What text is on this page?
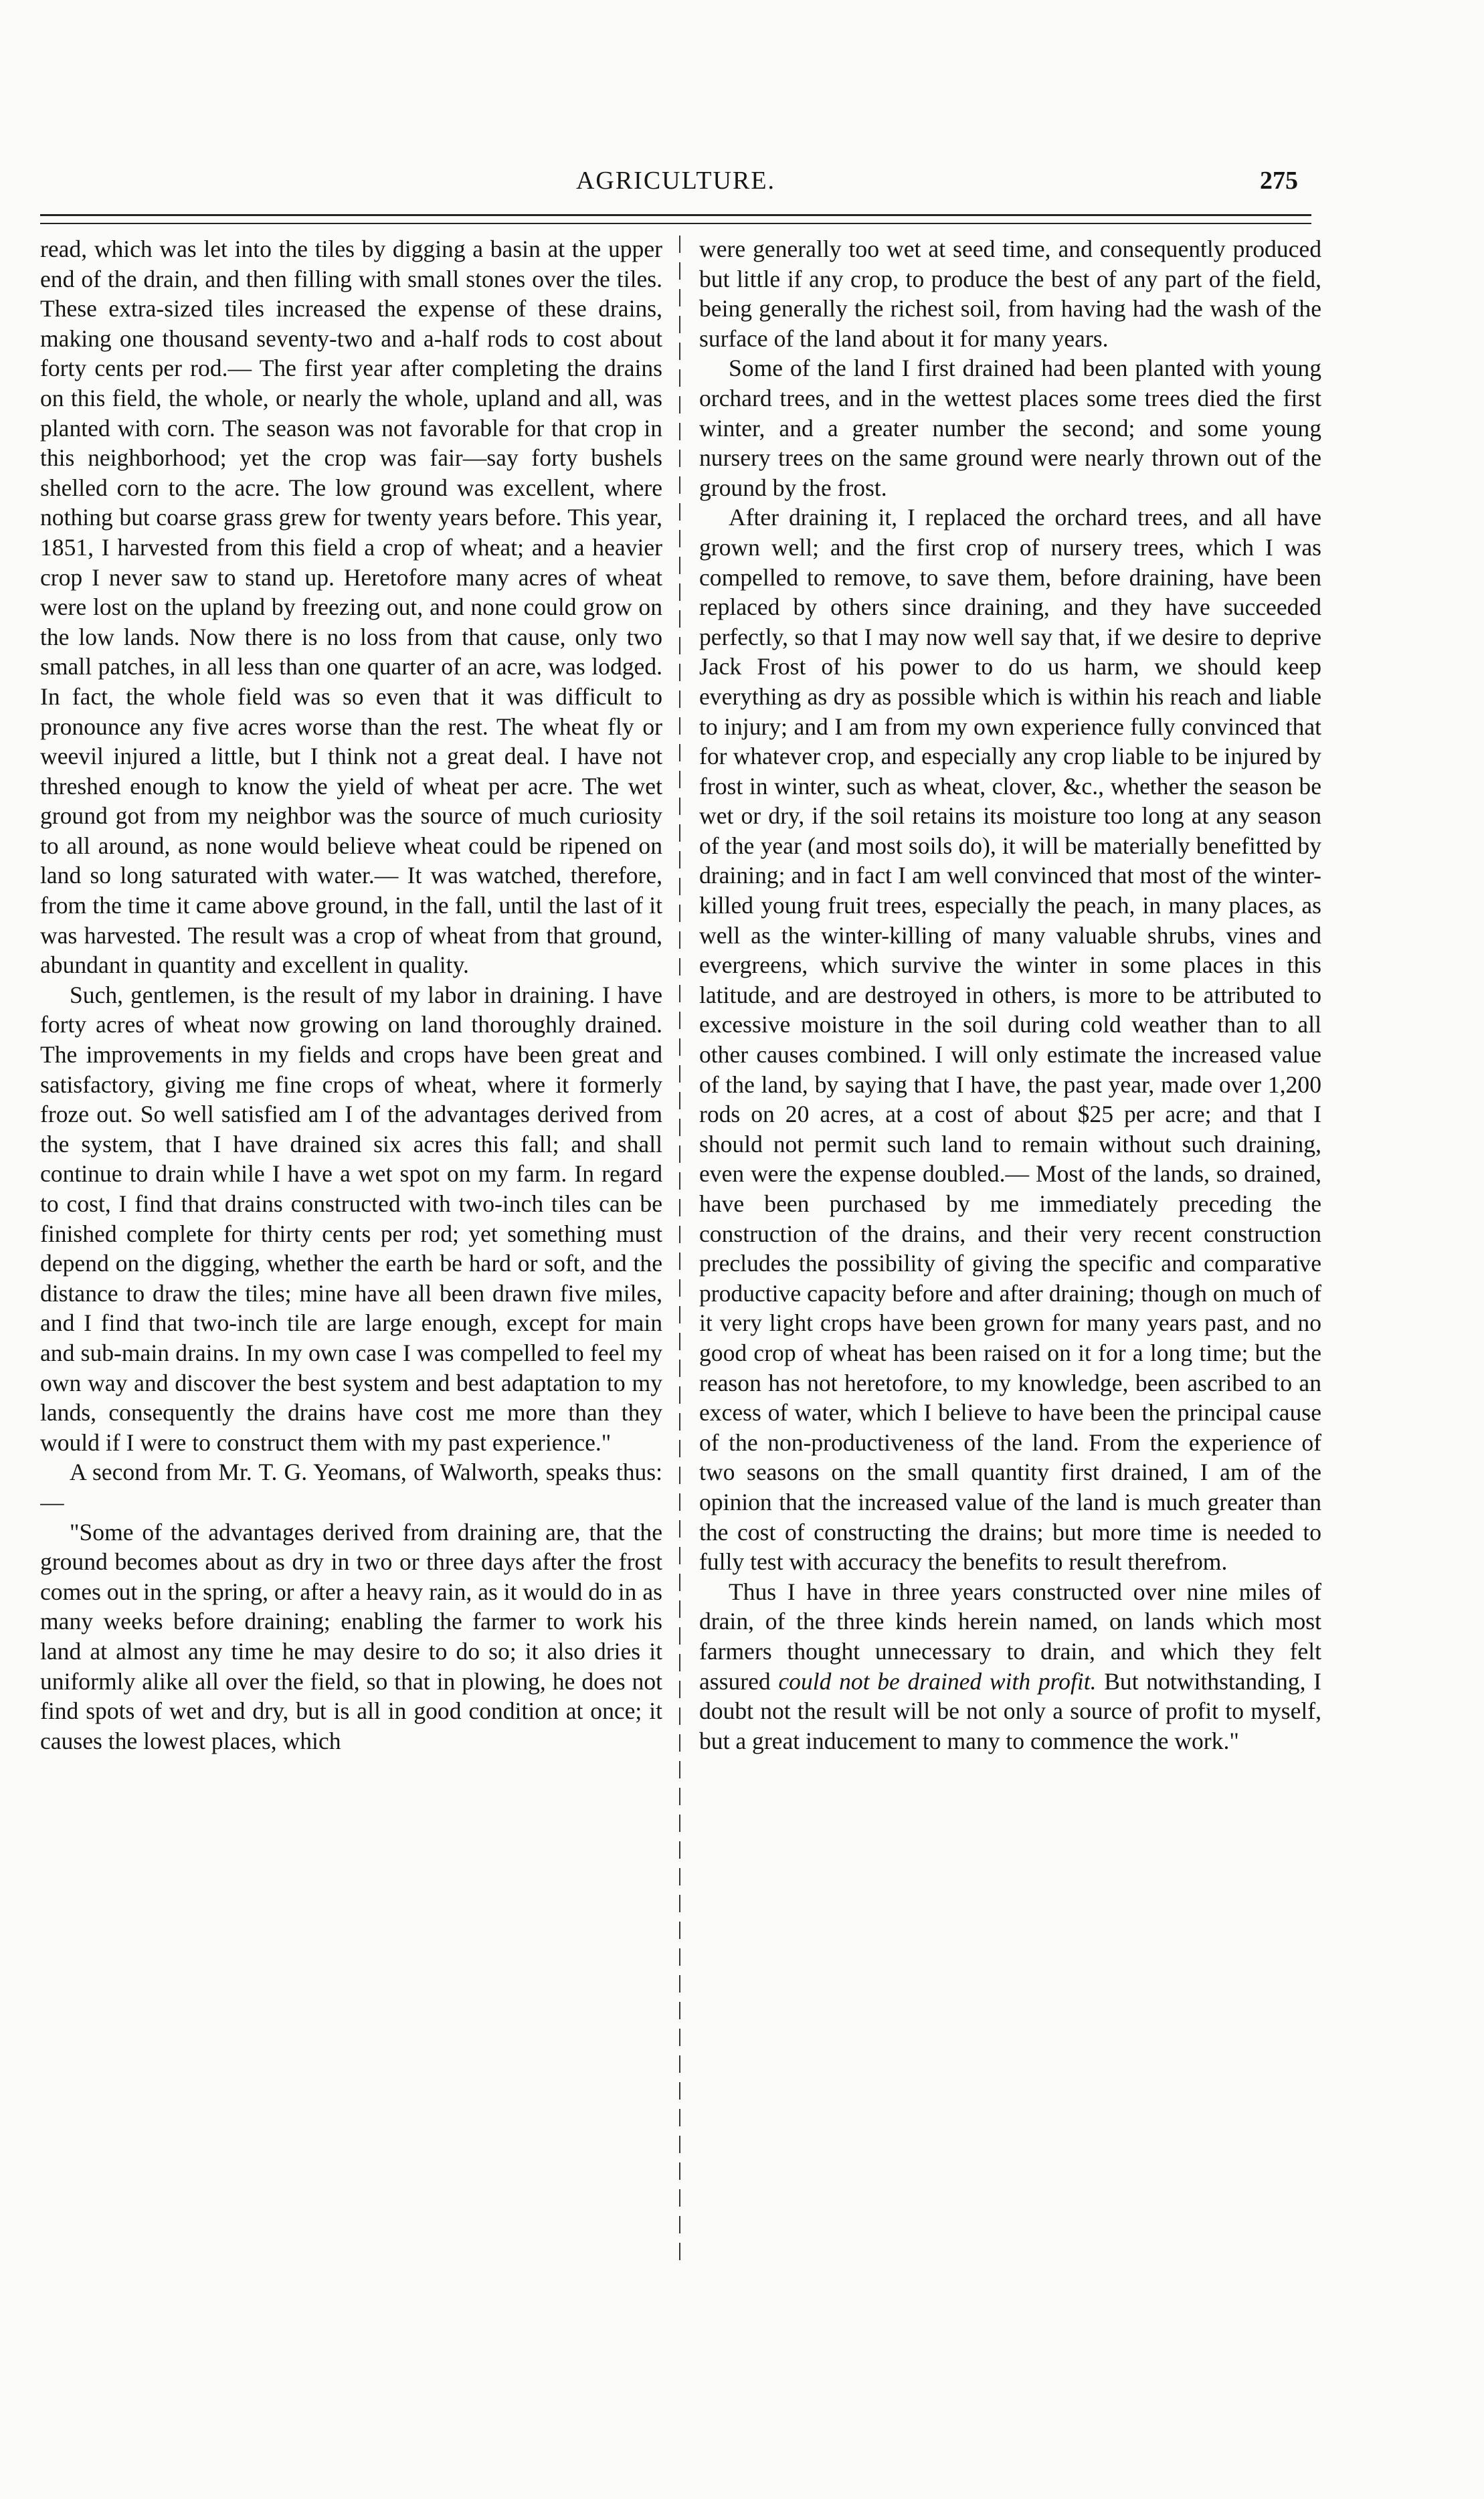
AGRICULTURE.	275

read, which was let into the tiles by digging a basin at the upper end of the drain, and then filling with small stones over the tiles. These extra-sized tiles increased the expense of these drains, making one thousand seventy-two and a-half rods to cost about forty cents per rod.— The first year after completing the drains on this field, the whole, or nearly the whole, upland and all, was planted with corn. The season was not favorable for that crop in this neighborhood; yet the crop was fair—say forty bushels shelled corn to the acre. The low ground was excellent, where nothing but coarse grass grew for twenty years before. This year, 1851, I harvested from this field a crop of wheat; and a heavier crop I never saw to stand up. Heretofore many acres of wheat were lost on the upland by freezing out, and none could grow on the low lands. Now there is no loss from that cause, only two small patches, in all less than one quarter of an acre, was lodged. In fact, the whole field was so even that it was difficult to pronounce any five acres worse than the rest. The wheat fly or weevil injured a little, but I think not a great deal. I have not threshed enough to know the yield of wheat per acre. The wet ground got from my neighbor was the source of much curiosity to all around, as none would believe wheat could be ripened on land so long saturated with water.— It was watched, therefore, from the time it came above ground, in the fall, until the last of it was harvested. The result was a crop of wheat from that ground, abundant in quantity and excellent in quality.

Such, gentlemen, is the result of my labor in draining. I have forty acres of wheat now growing on land thoroughly drained. The improvements in my fields and crops have been great and satisfactory, giving me fine crops of wheat, where it formerly froze out. So well satisfied am I of the advantages derived from the system, that I have drained six acres this fall; and shall continue to drain while I have a wet spot on my farm. In regard to cost, I find that drains constructed with two-inch tiles can be finished complete for thirty cents per rod; yet something must depend on the digging, whether the earth be hard or soft, and the distance to draw the tiles; mine have all been drawn five miles, and I find that two-inch tile are large enough, except for main and sub-main drains. In my own case I was compelled to feel my own way and discover the best system and best adaptation to my lands, consequently the drains have cost me more than they would if I were to construct them with my past experience."

A second from Mr. T. G. Yeomans, of Walworth, speaks thus:—

"Some of the advantages derived from draining are, that the ground becomes about as dry in two or three days after the frost comes out in the spring, or after a heavy rain, as it would do in as many weeks before draining; enabling the farmer to work his land at almost any time he may desire to do so; it also dries it uniformly alike all over the field, so that in plowing, he does not find spots of wet and dry, but is all in good condition at once; it causes the lowest places, which

were generally too wet at seed time, and consequently produced but little if any crop, to produce the best of any part of the field, being generally the richest soil, from having had the wash of the surface of the land about it for many years.

Some of the land I first drained had been planted with young orchard trees, and in the wettest places some trees died the first winter, and a greater number the second; and some young nursery trees on the same ground were nearly thrown out of the ground by the frost.

After draining it, I replaced the orchard trees, and all have grown well; and the first crop of nursery trees, which I was compelled to remove, to save them, before draining, have been replaced by others since draining, and they have succeeded perfectly, so that I may now well say that, if we desire to deprive Jack Frost of his power to do us harm, we should keep everything as dry as possible which is within his reach and liable to injury; and I am from my own experience fully convinced that for whatever crop, and especially any crop liable to be injured by frost in winter, such as wheat, clover, &c., whether the season be wet or dry, if the soil retains its moisture too long at any season of the year (and most soils do), it will be materially benefitted by draining; and in fact I am well convinced that most of the winter-killed young fruit trees, especially the peach, in many places, as well as the winter-killing of many valuable shrubs, vines and evergreens, which survive the winter in some places in this latitude, and are destroyed in others, is more to be attributed to excessive moisture in the soil during cold weather than to all other causes combined. I will only estimate the increased value of the land, by saying that I have, the past year, made over 1,200 rods on 20 acres, at a cost of about $25 per acre; and that I should not permit such land to remain without such draining, even were the expense doubled.— Most of the lands, so drained, have been purchased by me immediately preceding the construction of the drains, and their very recent construction precludes the possibility of giving the specific and comparative productive capacity before and after draining; though on much of it very light crops have been grown for many years past, and no good crop of wheat has been raised on it for a long time; but the reason has not heretofore, to my knowledge, been ascribed to an excess of water, which I believe to have been the principal cause of the non-productiveness of the land. From the experience of two seasons on the small quantity first drained, I am of the opinion that the increased value of the land is much greater than the cost of constructing the drains; but more time is needed to fully test with accuracy the benefits to result therefrom.

Thus I have in three years constructed over nine miles of drain, of the three kinds herein named, on lands which most farmers thought unnecessary to drain, and which they felt assured could not be drained with profit. But notwithstanding, I doubt not the result will be not only a source of profit to myself, but a great inducement to many to commence the work."
